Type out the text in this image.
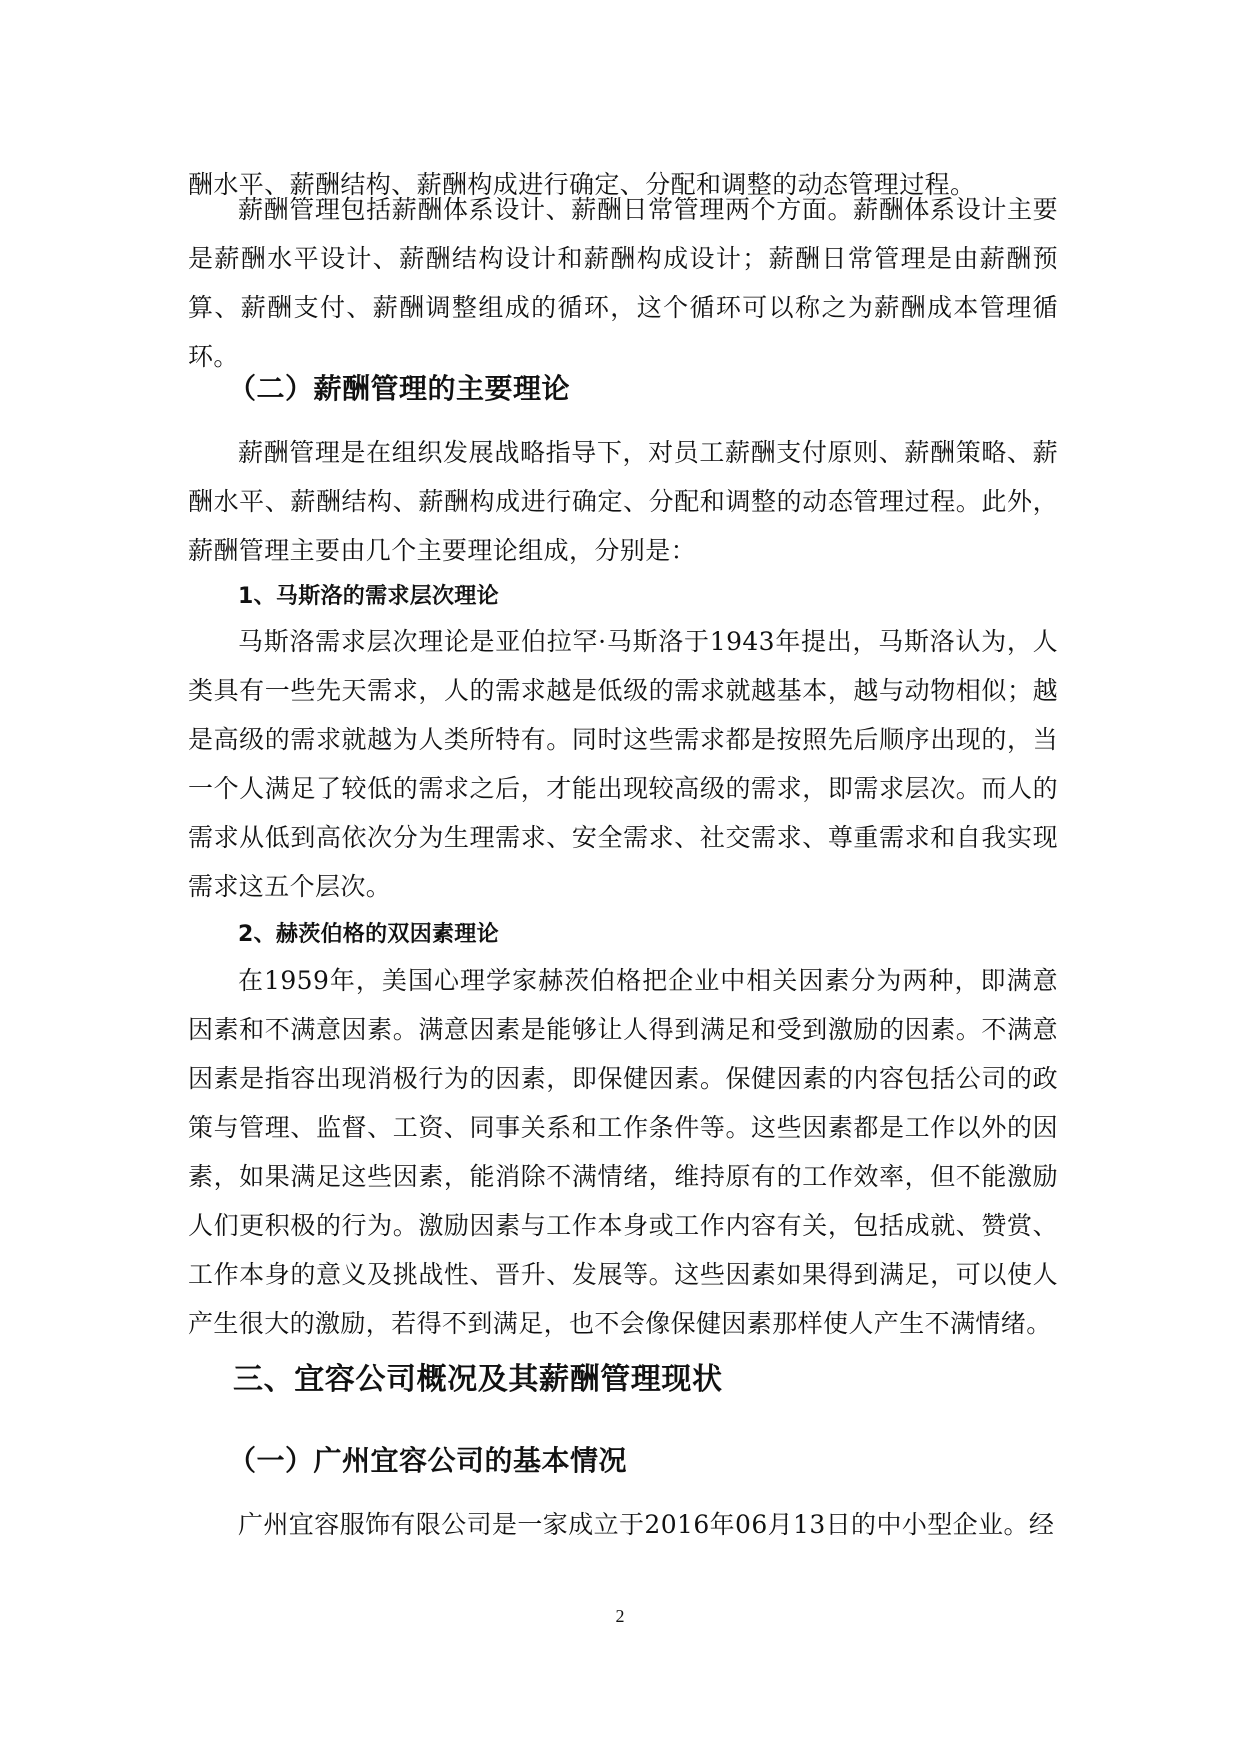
酬水平、薪酬结构、薪酬构成进行确定、分配和调整的动态管理过程。

薪酬管理包括薪酬体系设计、薪酬日常管理两个方面。薪酬体系设计主要是薪酬水平设计、薪酬结构设计和薪酬构成设计；薪酬日常管理是由薪酬预算、薪酬支付、薪酬调整组成的循环，这个循环可以称之为薪酬成本管理循环。

（二）薪酬管理的主要理论

薪酬管理是在组织发展战略指导下，对员工薪酬支付原则、薪酬策略、薪酬水平、薪酬结构、薪酬构成进行确定、分配和调整的动态管理过程。此外，薪酬管理主要由几个主要理论组成，分别是：

1、马斯洛的需求层次理论

马斯洛需求层次理论是亚伯拉罕·马斯洛于1943年提出，马斯洛认为，人类具有一些先天需求，人的需求越是低级的需求就越基本，越与动物相似；越是高级的需求就越为人类所特有。同时这些需求都是按照先后顺序出现的，当一个人满足了较低的需求之后，才能出现较高级的需求，即需求层次。而人的需求从低到高依次分为生理需求、安全需求、社交需求、尊重需求和自我实现需求这五个层次。

2、赫茨伯格的双因素理论

在1959年，美国心理学家赫茨伯格把企业中相关因素分为两种，即满意因素和不满意因素。满意因素是能够让人得到满足和受到激励的因素。不满意因素是指容出现消极行为的因素，即保健因素。保健因素的内容包括公司的政策与管理、监督、工资、同事关系和工作条件等。这些因素都是工作以外的因素，如果满足这些因素，能消除不满情绪，维持原有的工作效率，但不能激励人们更积极的行为。激励因素与工作本身或工作内容有关，包括成就、赞赏、工作本身的意义及挑战性、晋升、发展等。这些因素如果得到满足，可以使人产生很大的激励，若得不到满足，也不会像保健因素那样使人产生不满情绪。

三、宜容公司概况及其薪酬管理现状
（一）广州宜容公司的基本情况

广州宜容服饰有限公司是一家成立于2016年06月13日的中小型企业。经

2
